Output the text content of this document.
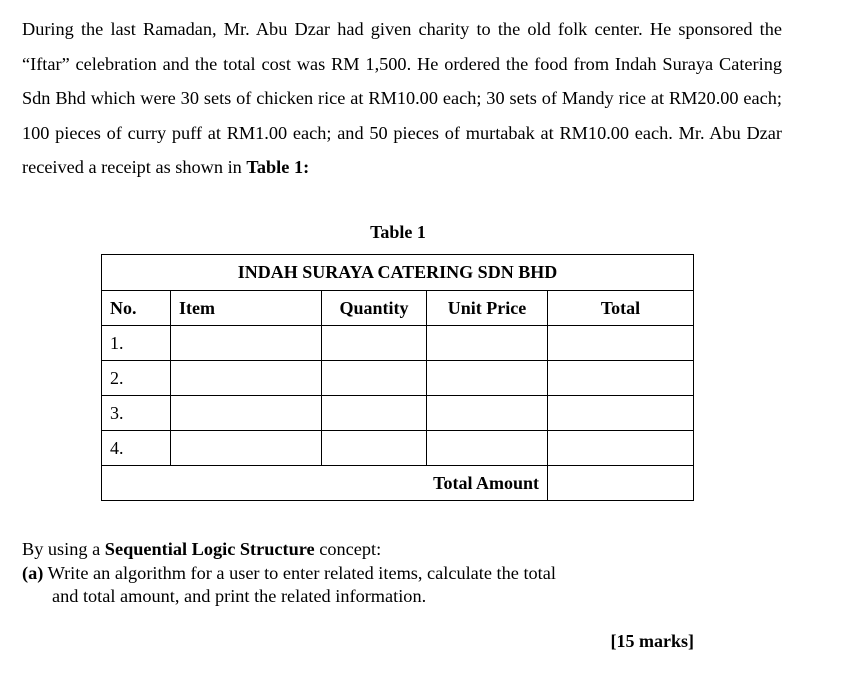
During the last Ramadan, Mr. Abu Dzar had given charity to the old folk center. He sponsored the “Iftar” celebration and the total cost was RM 1,500. He ordered the food from Indah Suraya Catering Sdn Bhd which were 30 sets of chicken rice at RM10.00 each; 30 sets of Mandy rice at RM20.00 each; 100 pieces of curry puff at RM1.00 each; and 50 pieces of murtabak at RM10.00 each. Mr. Abu Dzar received a receipt as shown in Table 1:

Table 1
INDAH SURAYA CATERING SDN BHD				
No.	Item	Quantity	Unit Price	Total
1.				
2.				
3.				
4.				
Total Amount				
By using a Sequential Logic Structure concept:
(a) Write an algorithm for a user to enter related items, calculate the total
and total amount, and print the related information.
[15 marks]
